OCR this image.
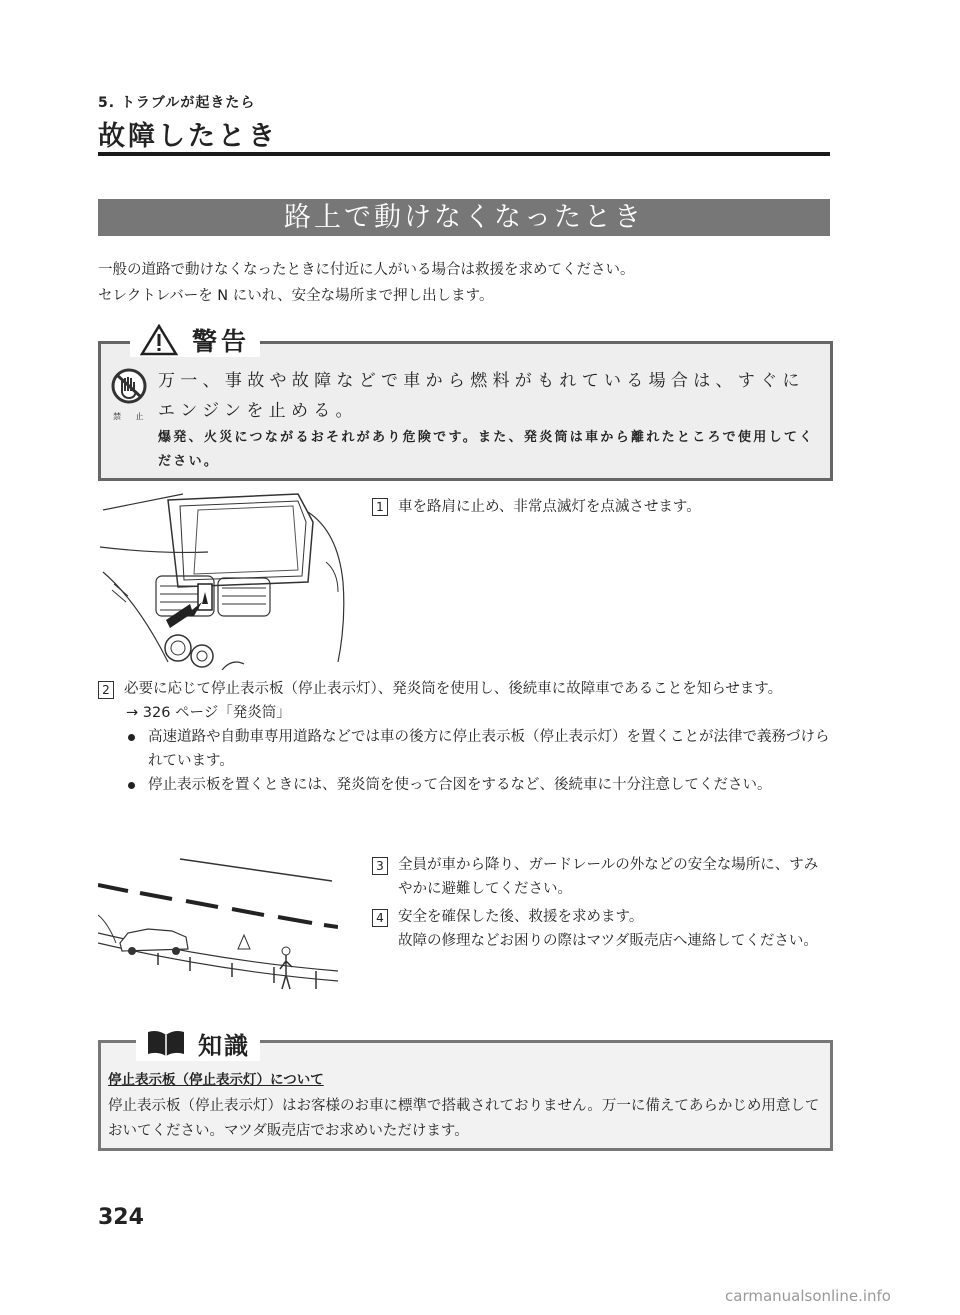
5. トラブルが起きたら
故障したとき
路上で動けなくなったとき
一般の道路で動けなくなったときに付近に人がいる場合は救援を求めてください。
セレクトレバーを N にいれ、安全な場所まで押し出します。
警告
禁 止
万一、事故や故障などで車から燃料がもれている場合は、すぐにエンジンを止める。
爆発、火災につながるおそれがあり危険です。また、発炎筒は車から離れたところで使用してください。
1 車を路肩に止め、非常点滅灯を点滅させます。
2 必要に応じて停止表示板（停止表示灯）、発炎筒を使用し、後続車に故障車であることを知らせます。
→ 326 ページ「発炎筒」
高速道路や自動車専用道路などでは車の後方に停止表示板（停止表示灯）を置くことが法律で義務づけられています。
停止表示板を置くときには、発炎筒を使って合図をするなど、後続車に十分注意してください。
3 全員が車から降り、ガードレールの外などの安全な場所に、すみやかに避難してください。
4 安全を確保した後、救援を求めます。
故障の修理などお困りの際はマツダ販売店へ連絡してください。
知識
停止表示板（停止表示灯）について
停止表示板（停止表示灯）はお客様のお車に標準で搭載されておりません。万一に備えてあらかじめ用意しておいてください。マツダ販売店でお求めいただけます。
324
carmanualsonline.info
